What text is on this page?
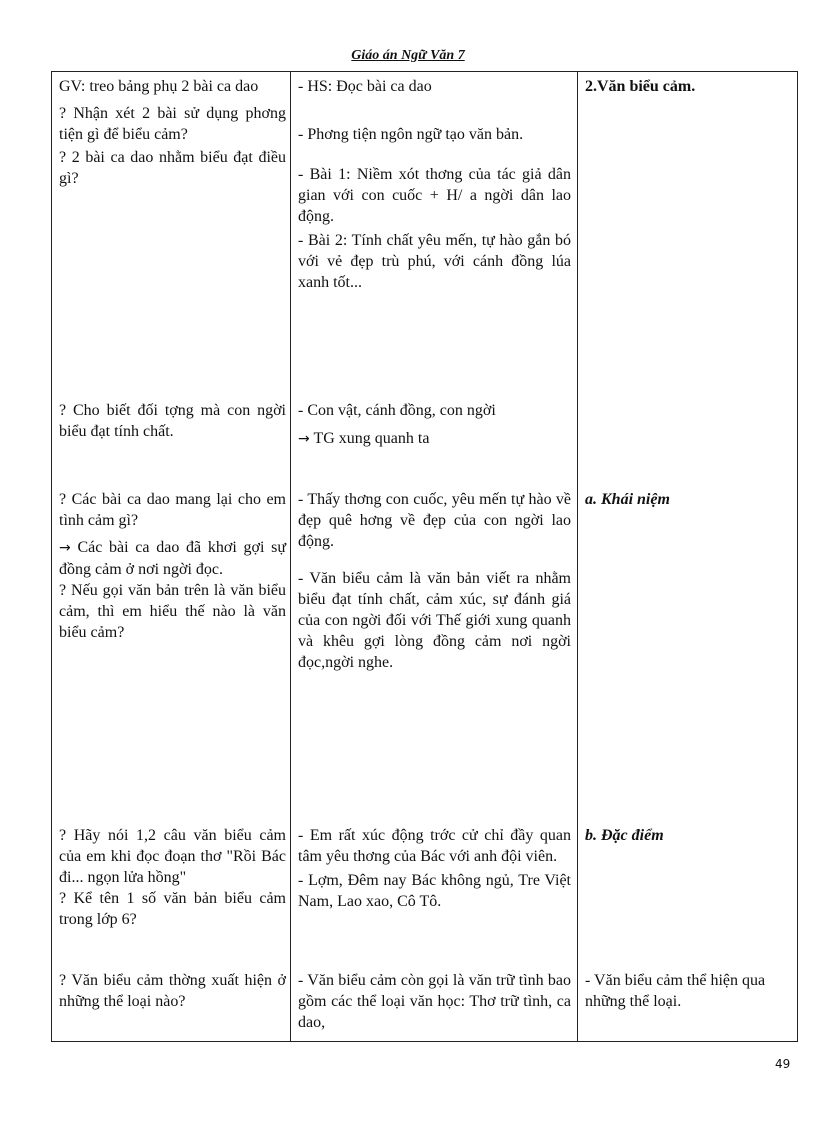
Giáo án Ngữ Văn 7

GV: treo bảng phụ 2 bài ca dao

? Nhận xét 2 bài sử dụng phơng tiện gì để biểu cảm?

? 2 bài ca dao nhằm biểu đạt điều gì?

- HS: Đọc bài ca dao

- Phơng tiện ngôn ngữ tạo văn bản.

- Bài 1: Niềm xót thơng của tác giả dân gian với con cuốc + H/ a ngời dân lao động.

- Bài 2: Tính chất yêu mến, tự hào gắn bó với vẻ đẹp trù phú, với cánh đồng lúa xanh tốt...

2.Văn biểu cảm.

? Cho biết đối tợng mà con ngời biểu đạt tính chất.

- Con vật, cánh đồng, con ngời

→ TG xung quanh ta

? Các bài ca dao mang lại cho em tình cảm gì?

→ Các bài ca dao đã khơi gợi sự đồng cảm ở nơi ngời đọc.

? Nếu gọi văn bản trên là văn biểu cảm, thì em hiểu thế nào là văn biểu cảm?

- Thấy thơng con cuốc, yêu mến tự hào về đẹp quê hơng về đẹp của con ngời lao động.

- Văn biểu cảm là văn bản viết ra nhằm biểu đạt tính chất, cảm xúc, sự đánh giá của con ngời đối với Thế giới xung quanh và khêu gợi lòng đồng cảm nơi ngời đọc,ngời nghe.

a. Khái niệm

? Hãy nói 1,2 câu văn biểu cảm của em khi đọc đoạn thơ "Rồi Bác đi... ngọn lửa hồng"

? Kể tên 1 số văn bản biểu cảm trong lớp 6?

- Em rất xúc động trớc cử chỉ đầy quan tâm yêu thơng của Bác với anh đội viên.

- Lợm, Đêm nay Bác không ngủ, Tre Việt Nam, Lao xao, Cô Tô.

b. Đặc điểm

? Văn biểu cảm thờng xuất hiện ở những thể loại nào?

- Văn biểu cảm còn gọi là văn trữ tình bao gồm các thể loại văn học: Thơ trữ tình, ca dao,

- Văn biểu cảm thể hiện qua những thể loại.
49
